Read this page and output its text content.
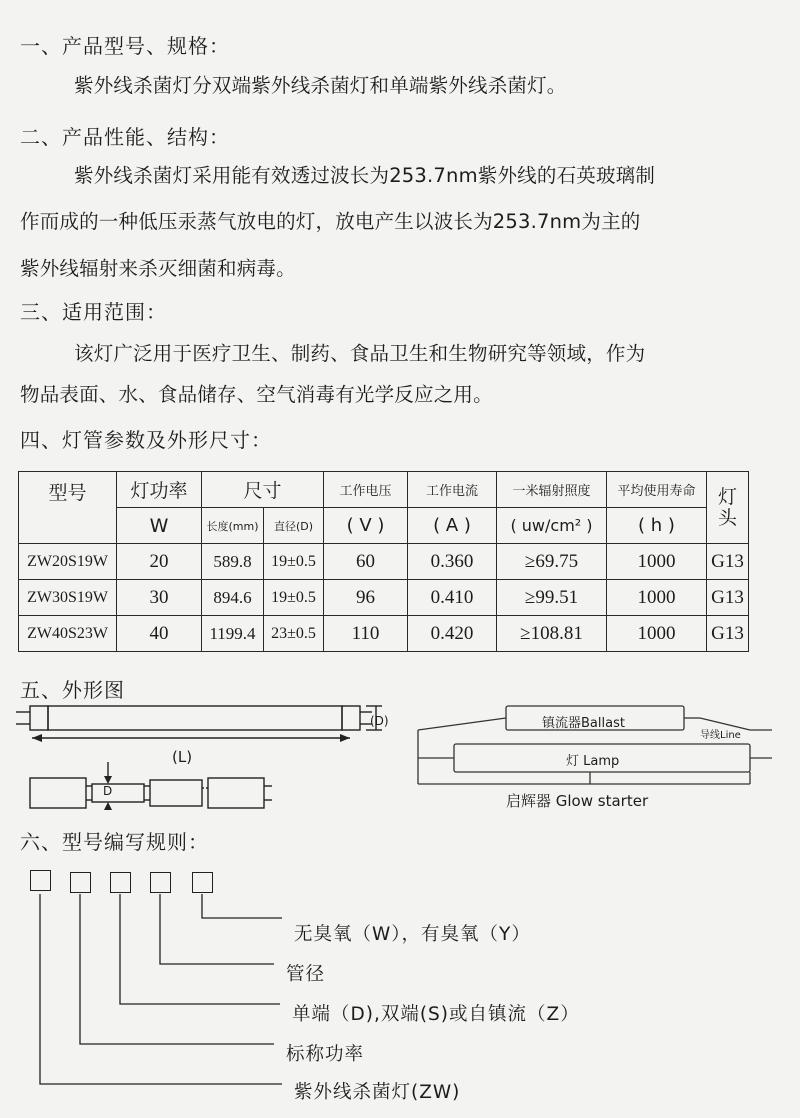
一、产品型号、规格：
紫外线杀菌灯分双端紫外线杀菌灯和单端紫外线杀菌灯。
二、产品性能、结构：
紫外线杀菌灯采用能有效透过波长为253.7nm紫外线的石英玻璃制
作而成的一种低压汞蒸气放电的灯，放电产生以波长为253.7nm为主的
紫外线辐射来杀灭细菌和病毒。
三、适用范围：
该灯广泛用于医疗卫生、制药、食品卫生和生物研究等领域，作为
物品表面、水、食品储存、空气消毒有光学反应之用。
四、灯管参数及外形尺寸：
型号	灯功率	尺寸		工作电压	工作电流	一米辐射照度	平均使用寿命	灯头
	W	长度(mm)	直径(D)	( V )	( A )	( uw/cm² )	( h )	
ZW20S19W	20	589.8	19±0.5	60	0.360	≥69.75	1000	G13
ZW30S19W	30	894.6	19±0.5	96	0.410	≥99.51	1000	G13
ZW40S23W	40	1199.4	23±0.5	110	0.420	≥108.81	1000	G13
五、外形图
(D)
(L)
D
镇流器Ballast
导线Line
灯 Lamp
启辉器 Glow starter
六、型号编写规则：
无臭氧（W），有臭氧（Y）
管径
单端（D),双端(S)或自镇流（Z）
标称功率
紫外线杀菌灯(ZW)
